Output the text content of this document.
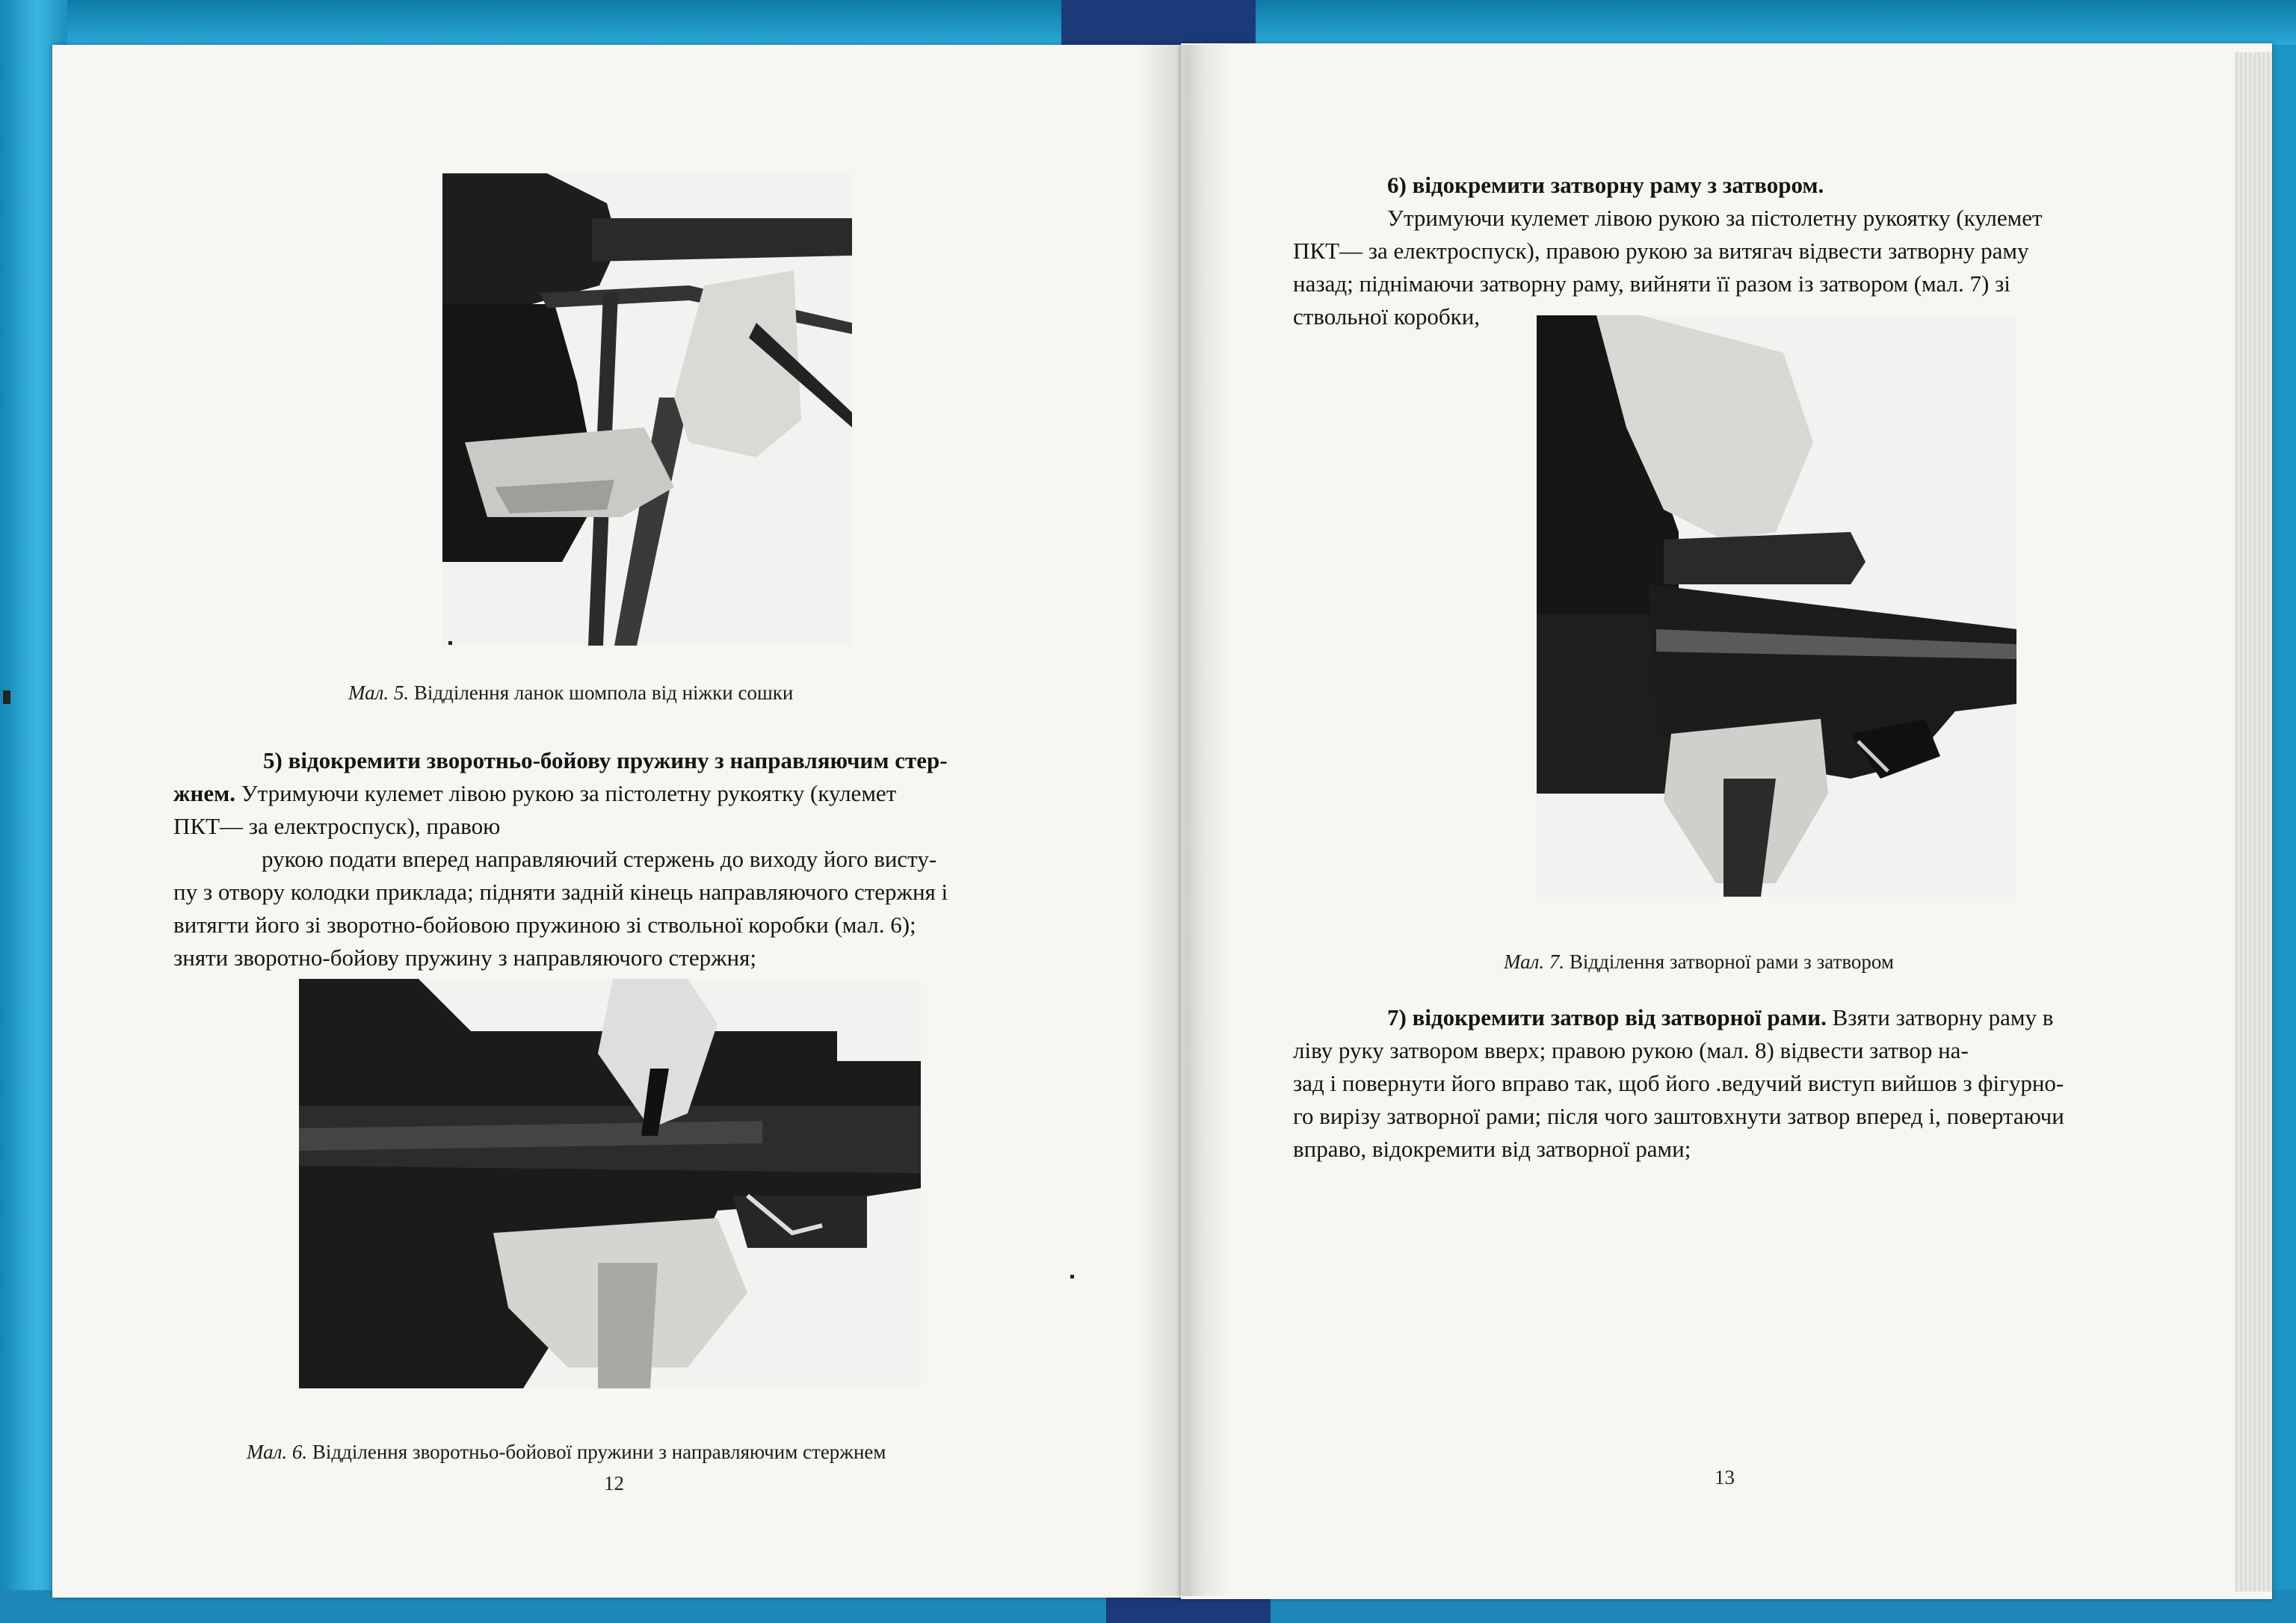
Мал. 5. Відділення ланок шомпола від ніжки сошки
5) відокремити зворотньо-бойову пружину з направляючим стер-
жнем. Утримуючи кулемет лівою рукою за пістолетну рукоятку (кулемет
ПКТ— за електроспуск), правою
рукою подати вперед направляючий стержень до виходу його висту-
пу з отвору колодки приклада; підняти задній кінець направляючого стержня і
витягти його зі зворотно-бойовою пружиною зі ствольної коробки (мал. 6);
зняти зворотно-бойову пружину з направляючого стержня;
Мал. 6. Відділення зворотньо-бойової пружини з направляючим стержнем
12
6) відокремити затворну раму з затвором.
Утримуючи кулемет лівою рукою за пістолетну рукоятку (кулемет
ПКТ— за електроспуск), правою рукою за витягач відвести затворну раму
назад; піднімаючи затворну раму, вийняти її разом із затвором (мал. 7) зі
ствольної коробки,
Мал. 7. Відділення затворної рами з затвором
7) відокремити затвор від затворної рами. Взяти затворну раму в
ліву руку затвором вверх; правою рукою (мал. 8) відвести затвор на-
зад і повернути його вправо так, щоб його .ведучий виступ вийшов з фігурно-
го вирізу затворної рами; після чого заштовхнути затвор вперед і, повертаючи
вправо, відокремити від затворної рами;
13
